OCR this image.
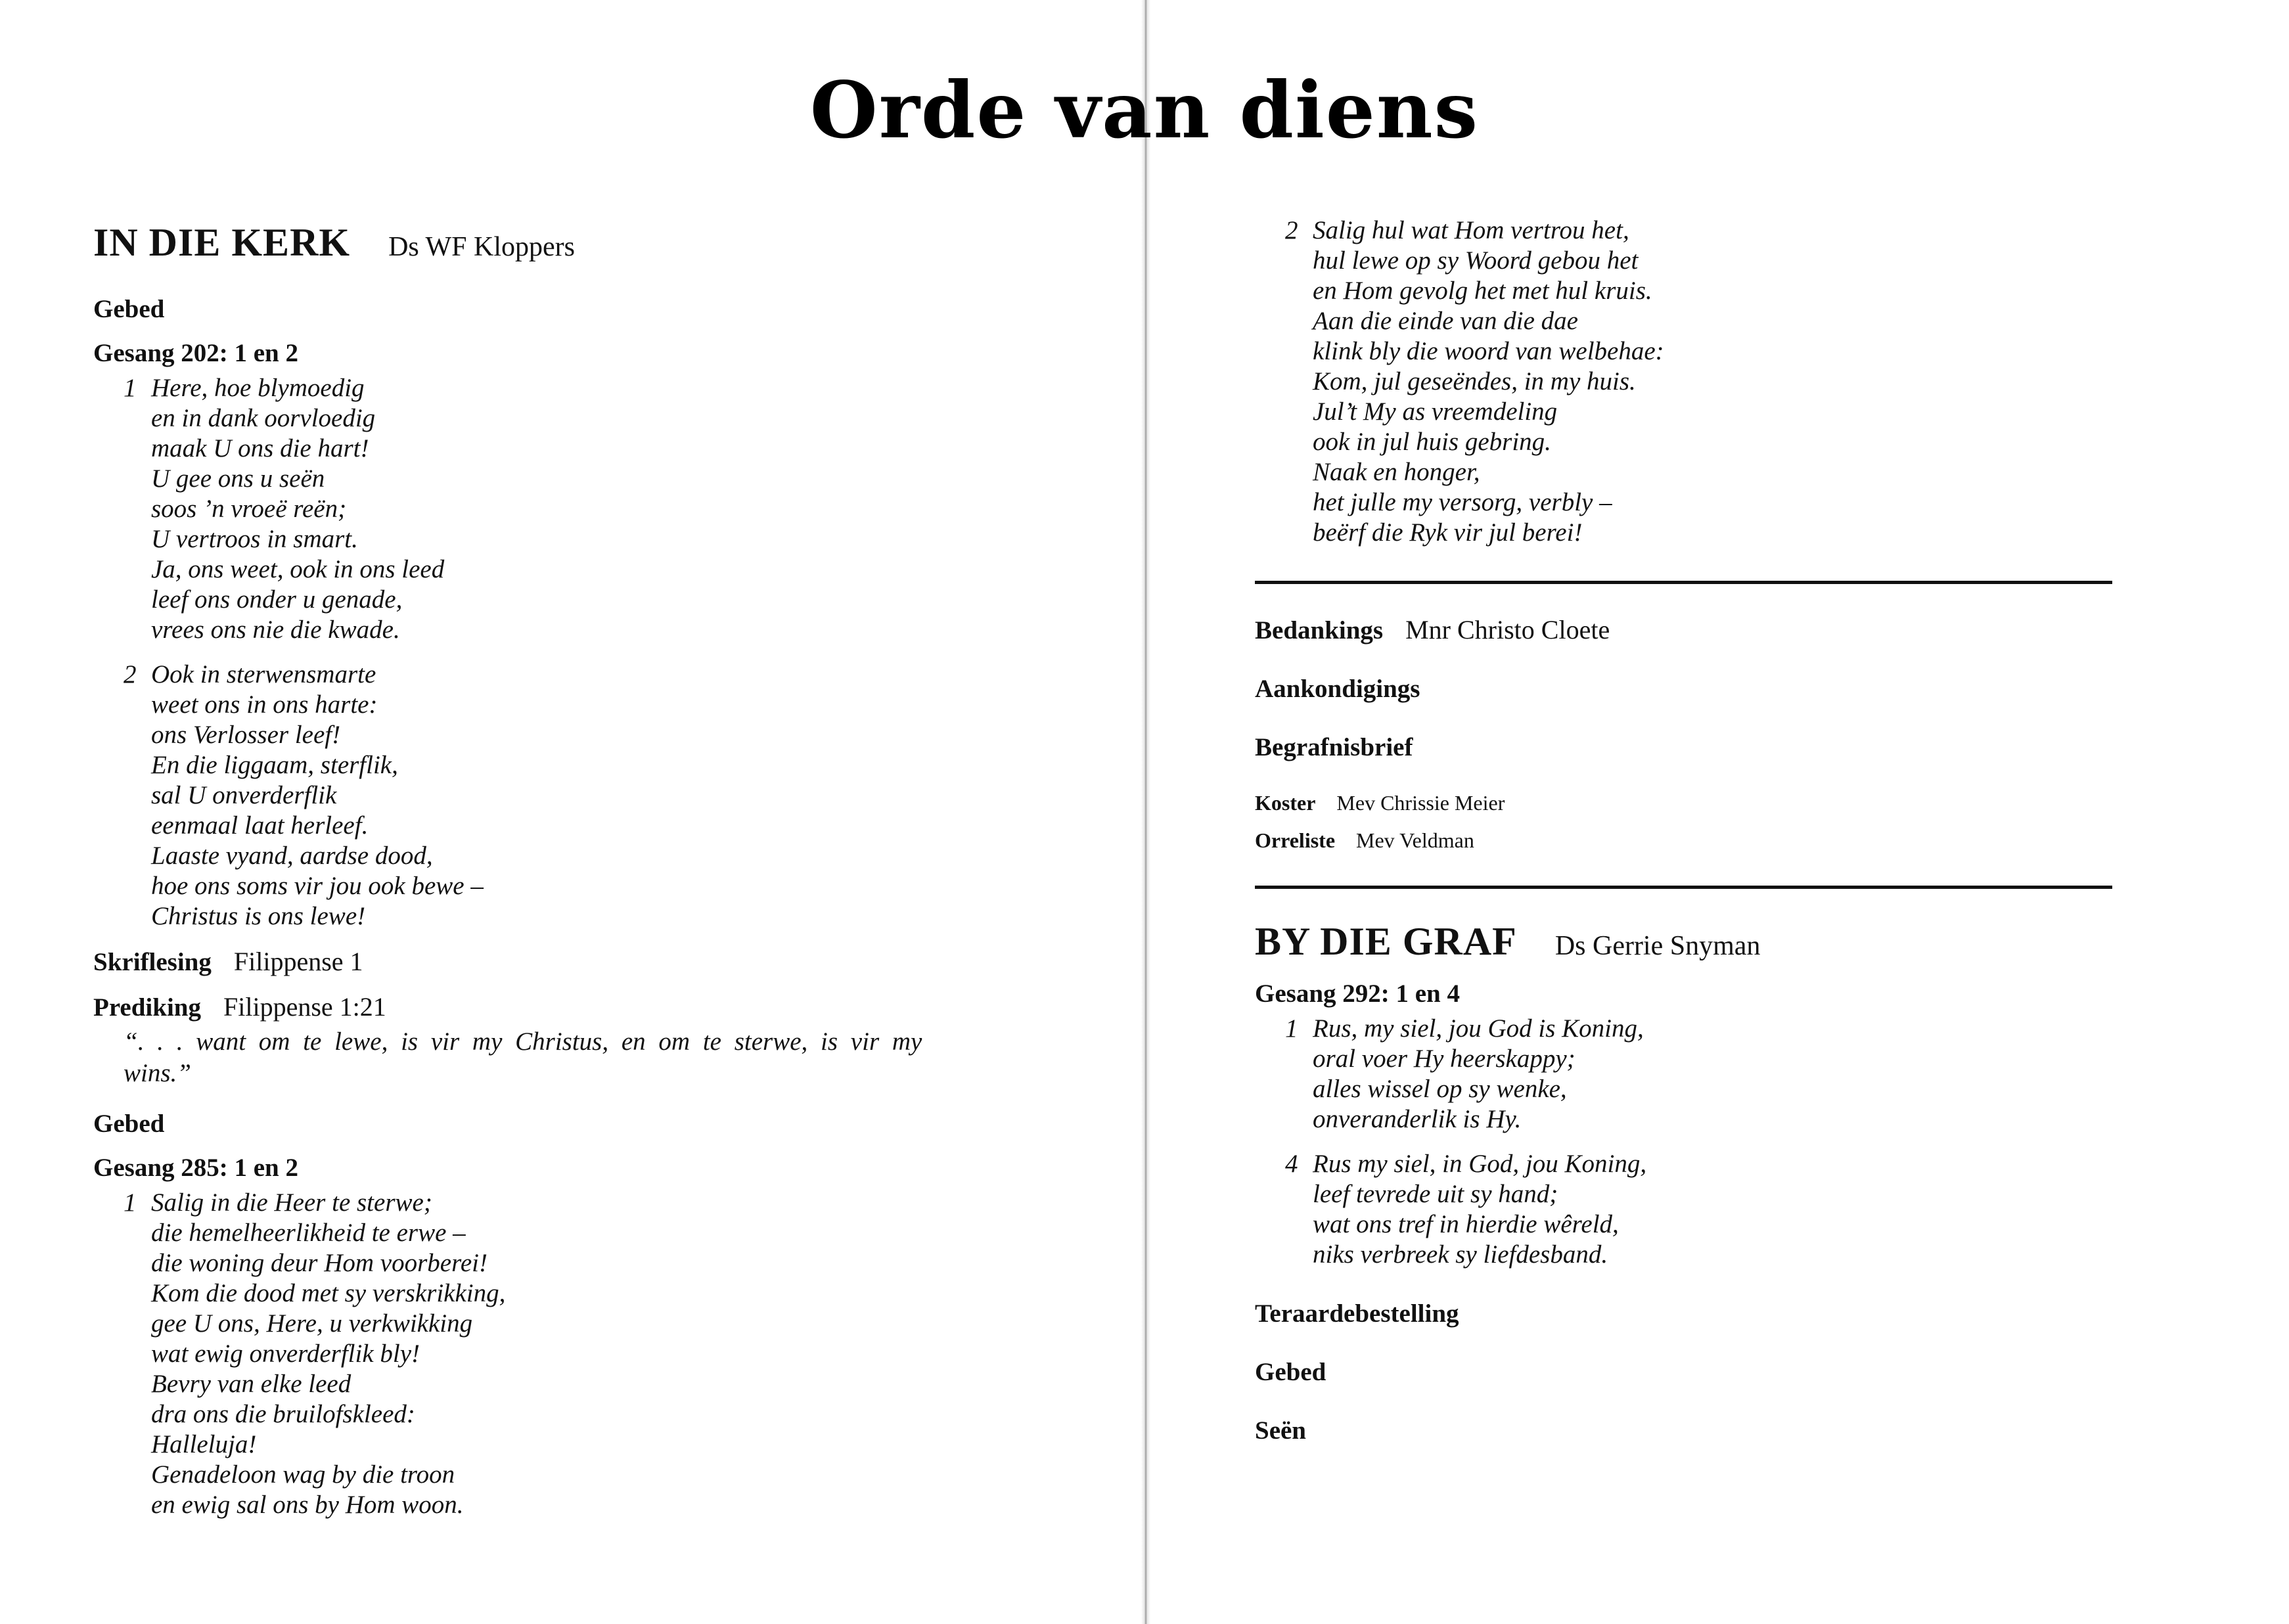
Orde van diens
IN DIE KERK Ds WF Kloppers
Gebed
Gesang 202: 1 en 2
1 Here, hoe blymoedig
en in dank oorvloedig
maak U ons die hart!
U gee ons u seën
soos ’n vroeë reën;
U vertroos in smart.
Ja, ons weet, ook in ons leed
leef ons onder u genade,
vrees ons nie die kwade.
2 Ook in sterwensmarte
weet ons in ons harte:
ons Verlosser leef!
En die liggaam, sterflik,
sal U onverderflik
eenmaal laat herleef.
Laaste vyand, aardse dood,
hoe ons soms vir jou ook bewe –
Christus is ons lewe!
Skriflesing Filippense 1
Prediking Filippense 1:21
“. . . want om te lewe, is vir my Christus, en om te sterwe, is vir my wins.”
Gebed
Gesang 285: 1 en 2
1 Salig in die Heer te sterwe;
die hemelheerlikheid te erwe –
die woning deur Hom voorberei!
Kom die dood met sy verskrikking,
gee U ons, Here, u verkwikking
wat ewig onverderflik bly!
Bevry van elke leed
dra ons die bruilofskleed:
Halleluja!
Genadeloon wag by die troon
en ewig sal ons by Hom woon.
2 Salig hul wat Hom vertrou het,
hul lewe op sy Woord gebou het
en Hom gevolg het met hul kruis.
Aan die einde van die dae
klink bly die woord van welbehae:
Kom, jul geseëndes, in my huis.
Jul’t My as vreemdeling
ook in jul huis gebring.
Naak en honger,
het julle my versorg, verbly –
beërf die Ryk vir jul berei!
Bedankings Mnr Christo Cloete
Aankondigings
Begrafnisbrief
Koster Mev Chrissie Meier
Orreliste Mev Veldman
BY DIE GRAF Ds Gerrie Snyman
Gesang 292: 1 en 4
1 Rus, my siel, jou God is Koning,
oral voer Hy heerskappy;
alles wissel op sy wenke,
onveranderlik is Hy.
4 Rus my siel, in God, jou Koning,
leef tevrede uit sy hand;
wat ons tref in hierdie wêreld,
niks verbreek sy liefdesband.
Teraardebestelling
Gebed
Seën
